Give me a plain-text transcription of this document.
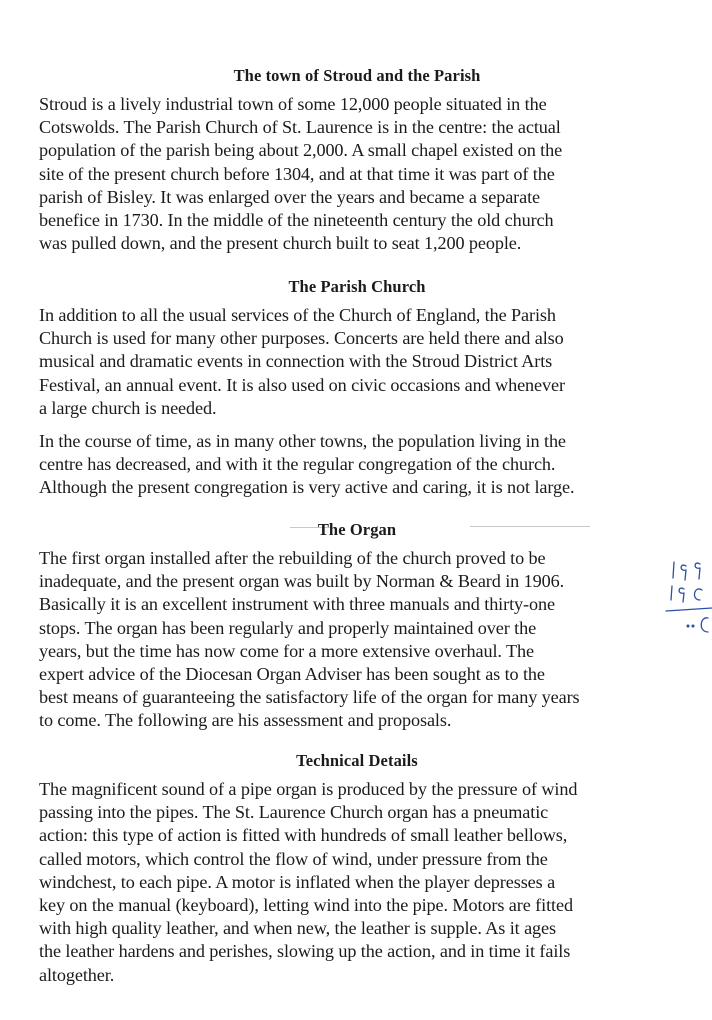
The town of Stroud and the Parish

Stroud is a lively industrial town of some 12,000 people situated in the
Cotswolds. The Parish Church of St. Laurence is in the centre: the actual
population of the parish being about 2,000. A small chapel existed on the
site of the present church before 1304, and at that time it was part of the
parish of Bisley. It was enlarged over the years and became a separate
benefice in 1730. In the middle of the nineteenth century the old church
was pulled down, and the present church built to seat 1,200 people.

The Parish Church

In addition to all the usual services of the Church of England, the Parish
Church is used for many other purposes. Concerts are held there and also
musical and dramatic events in connection with the Stroud District Arts
Festival, an annual event. It is also used on civic occasions and whenever
a large church is needed.

In the course of time, as in many other towns, the population living in the
centre has decreased, and with it the regular congregation of the church.
Although the present congregation is very active and caring, it is not large.

The Organ

The first organ installed after the rebuilding of the church proved to be
inadequate, and the present organ was built by Norman & Beard in 1906.
Basically it is an excellent instrument with three manuals and thirty-one
stops. The organ has been regularly and properly maintained over the
years, but the time has now come for a more extensive overhaul. The
expert advice of the Diocesan Organ Adviser has been sought as to the
best means of guaranteeing the satisfactory life of the organ for many years
to come. The following are his assessment and proposals.

Technical Details

The magnificent sound of a pipe organ is produced by the pressure of wind
passing into the pipes. The St. Laurence Church organ has a pneumatic
action: this type of action is fitted with hundreds of small leather bellows,
called motors, which control the flow of wind, under pressure from the
windchest, to each pipe. A motor is inflated when the player depresses a
key on the manual (keyboard), letting wind into the pipe. Motors are fitted
with high quality leather, and when new, the leather is supple. As it ages
the leather hardens and perishes, slowing up the action, and in time it fails
altogether.
